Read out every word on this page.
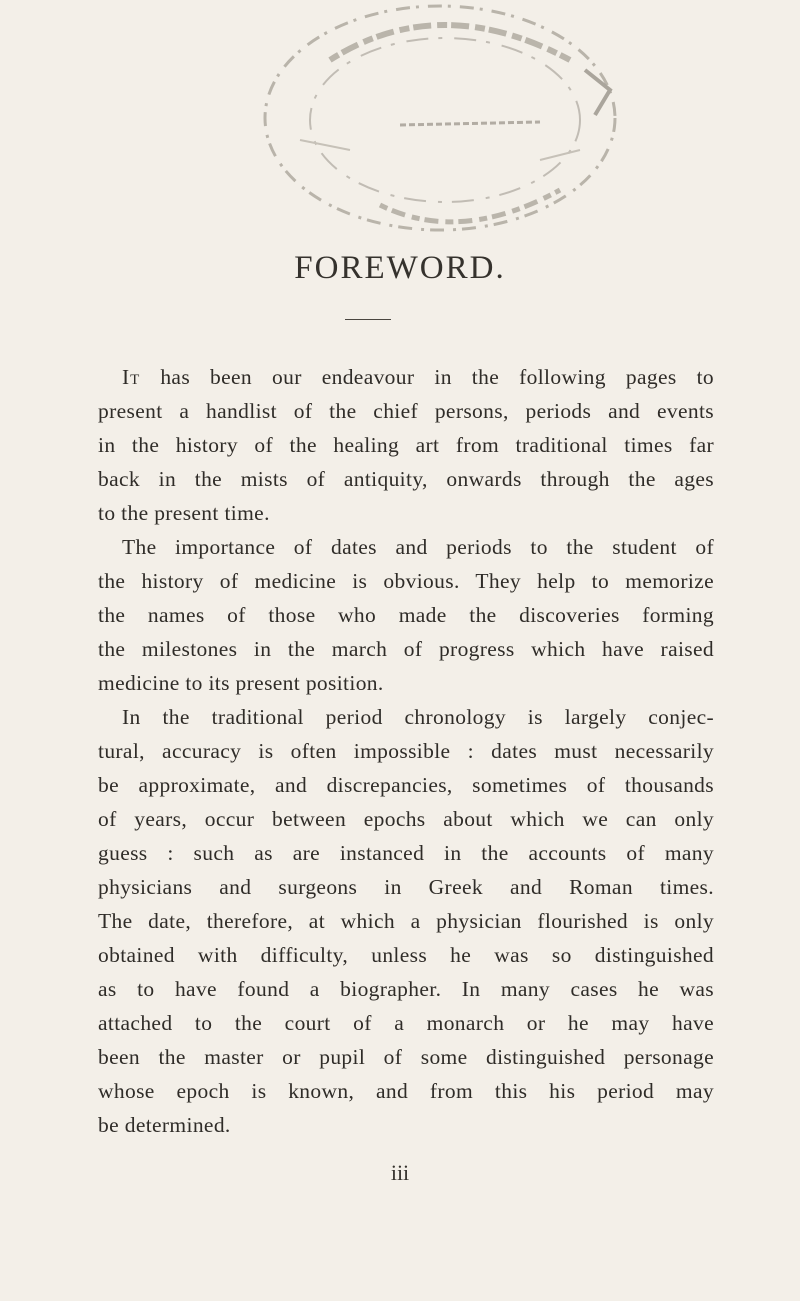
FOREWORD.
It has been our endeavour in the following pages to
present a handlist of the chief persons, periods and events
in the history of the healing art from traditional times far
back in the mists of antiquity, onwards through the ages
to the present time.
The importance of dates and periods to the student of
the history of medicine is obvious. They help to memorize
the names of those who made the discoveries forming
the milestones in the march of progress which have raised
medicine to its present position.
In the traditional period chronology is largely conjec-
tural, accuracy is often impossible : dates must necessarily
be approximate, and discrepancies, sometimes of thousands
of years, occur between epochs about which we can only
guess : such as are instanced in the accounts of many
physicians and surgeons in Greek and Roman times.
The date, therefore, at which a physician flourished is only
obtained with difficulty, unless he was so distinguished
as to have found a biographer. In many cases he was
attached to the court of a monarch or he may have
been the master or pupil of some distinguished personage
whose epoch is known, and from this his period may
be determined.
iii
